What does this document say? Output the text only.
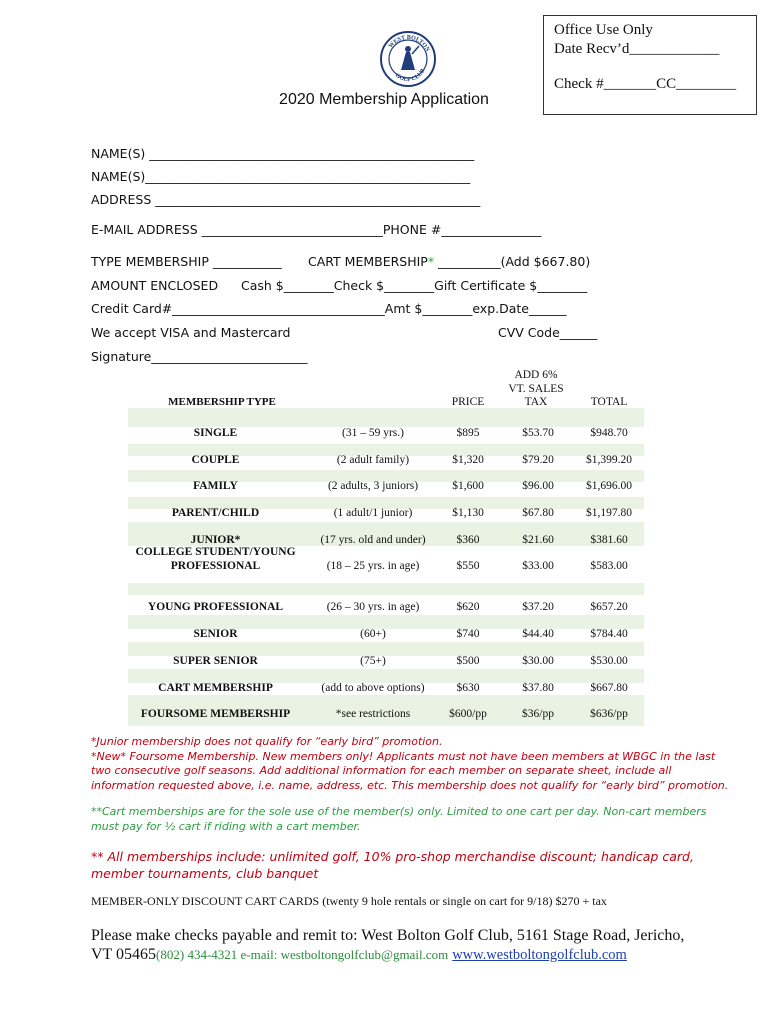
Office Use Only
Date Recv’d____________
Check #_______CC________
WEST BOLTON
GOLF CLUB
2020 Membership Application
NAME(S) ____________________________________________________
NAME(S)____________________________________________________
ADDRESS ____________________________________________________
E-MAIL ADDRESS _____________________________PHONE #________________
TYPE MEMBERSHIP ___________ CART MEMBERSHIP* __________(Add $667.80)
AMOUNT ENCLOSED Cash $________Check $________Gift Certificate $________
Credit Card#__________________________________Amt $________exp.Date______
We accept VISA and Mastercard	CVV Code______
Signature_________________________
MEMBERSHIP TYPE	PRICE
ADD 6%
VT. SALES
TAX	TOTAL
SINGLE	(31 – 59 yrs.)	$895	$53.70	$948.70
COUPLE	(2 adult family)	$1,320	$79.20	$1,399.20
FAMILY	(2 adults, 3 juniors)	$1,600	$96.00	$1,696.00
PARENT/CHILD	(1 adult/1 junior)	$1,130	$67.80	$1,197.80
JUNIOR*	(17 yrs. old and under)	$360	$21.60	$381.60
COLLEGE STUDENT/YOUNG
PROFESSIONAL	(18 – 25 yrs. in age)	$550	$33.00	$583.00
YOUNG PROFESSIONAL	(26 – 30 yrs. in age)	$620	$37.20	$657.20
SENIOR	(60+)	$740	$44.40	$784.40
SUPER SENIOR	(75+)	$500	$30.00	$530.00
CART MEMBERSHIP	(add to above options)	$630	$37.80	$667.80
FOURSOME MEMBERSHIP	*see restrictions	$600/pp	$36/pp	$636/pp
*Junior membership does not qualify for “early bird” promotion.
*New* Foursome Membership. New members only! Applicants must not have been members at WBGC in the last
two consecutive golf seasons. Add additional information for each member on separate sheet, include all
information requested above, i.e. name, address, etc. This membership does not qualify for “early bird” promotion.
**Cart memberships are for the sole use of the member(s) only. Limited to one cart per day. Non-cart members
must pay for ½ cart if riding with a cart member.
** All memberships include: unlimited golf, 10% pro-shop merchandise discount; handicap card,
member tournaments, club banquet
MEMBER-ONLY DISCOUNT CART CARDS (twenty 9 hole rentals or single on cart for 9/18) $270 + tax
Please make checks payable and remit to: West Bolton Golf Club, 5161 Stage Road, Jericho,
VT 05465(802) 434-4321 e-mail: westboltongolfclub@gmail.com www.westboltongolfclub.com
